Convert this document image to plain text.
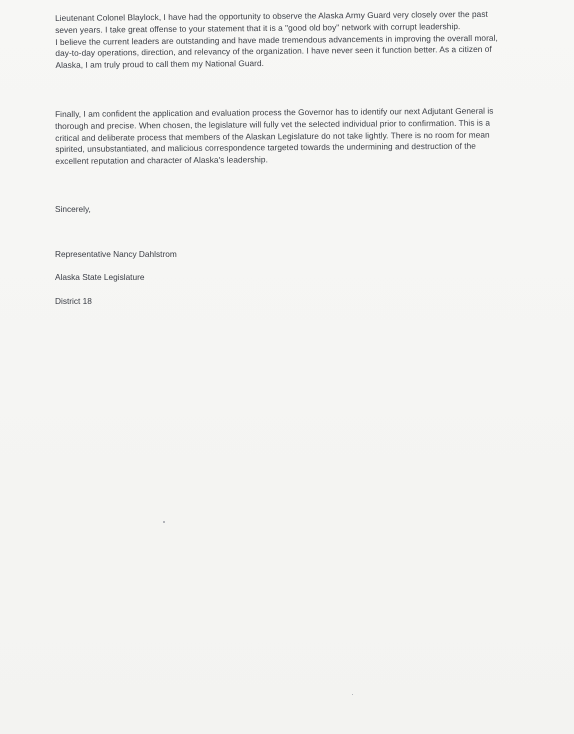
Lieutenant Colonel Blaylock, I have had the opportunity to observe the Alaska Army Guard very closely over the past
seven years. I take great offense to your statement that it is a "good old boy" network with corrupt leadership.
I believe the current leaders are outstanding and have made tremendous advancements in improving the overall moral,
day-to-day operations, direction, and relevancy of the organization. I have never seen it function better. As a citizen of
Alaska, I am truly proud to call them my National Guard.
Finally, I am confident the application and evaluation process the Governor has to identify our next Adjutant General is
thorough and precise. When chosen, the legislature will fully vet the selected individual prior to confirmation. This is a
critical and deliberate process that members of the Alaskan Legislature do not take lightly. There is no room for mean
spirited, unsubstantiated, and malicious correspondence targeted towards the undermining and destruction of the
excellent reputation and character of Alaska's leadership.
Sincerely,
Representative Nancy Dahlstrom
Alaska State Legislature
District 18
